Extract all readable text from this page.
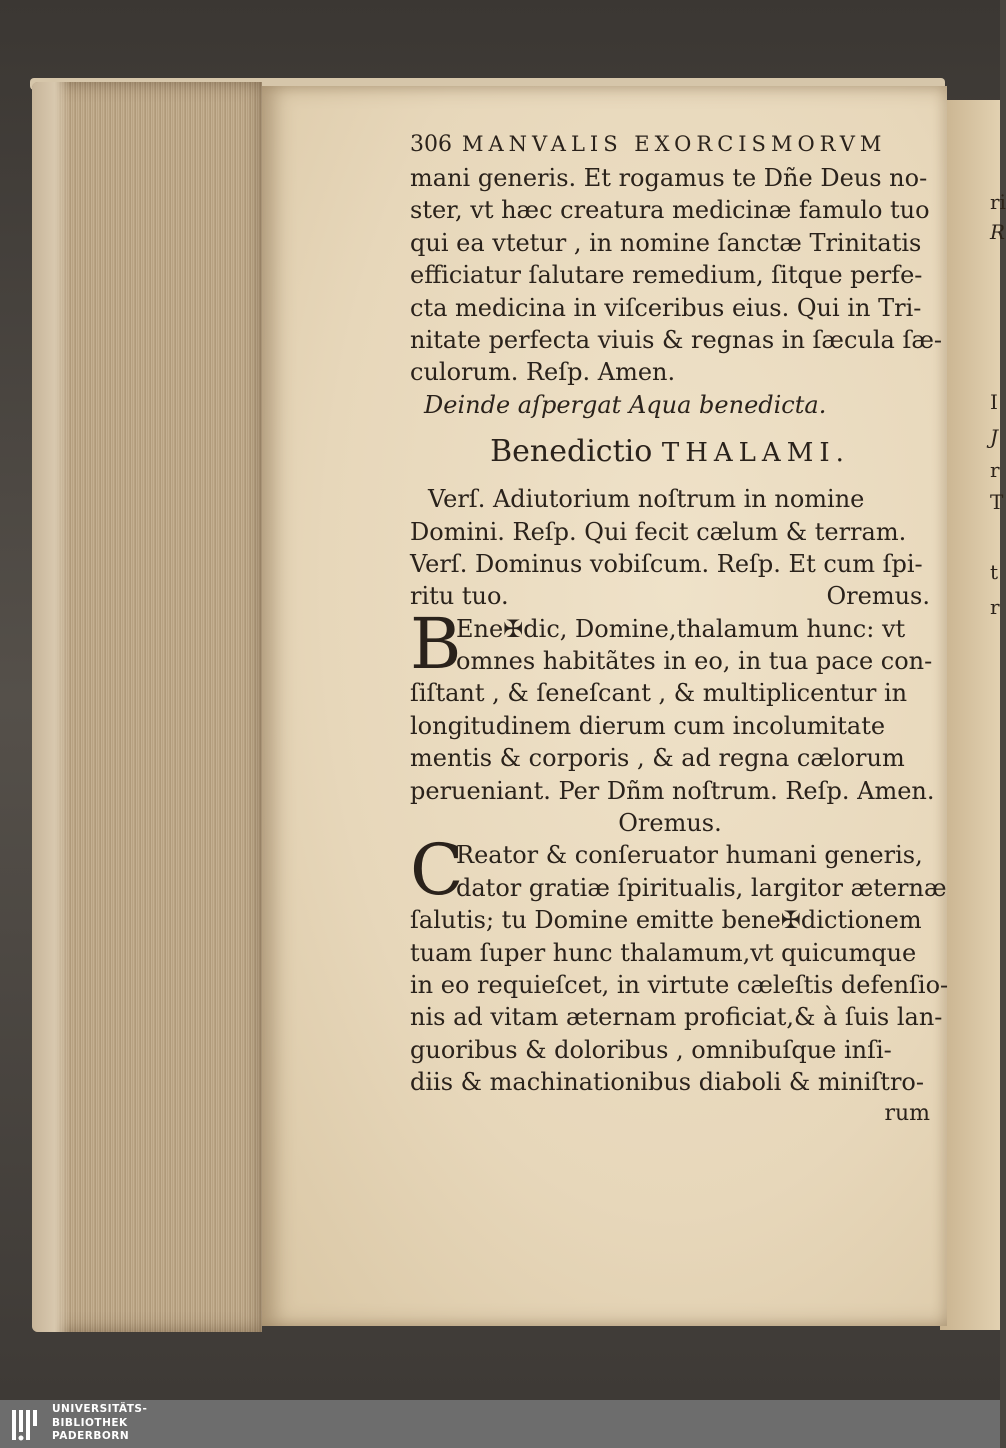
ri
R
I
J
r
T
t
r
306 MANVALIS EXORCISMORVM
mani generis. Et rogamus te Dñe Deus no-
ster, vt hæc creatura medicinæ famulo tuo
qui ea vtetur , in nomine ſanctæ Trinitatis
efficiatur ſalutare remedium, ſitque perfe-
cta medicina in viſceribus eius. Qui in Tri-
nitate perfecta viuis & regnas in ſæcula ſæ-
culorum. Reſp. Amen.
Deinde aſpergat Aqua benedicta.
Benedictio THALAMI.
Verſ. Adiutorium noſtrum in nomine
Domini. Reſp. Qui fecit cælum & terram.
Verſ. Dominus vobiſcum. Reſp. Et cum ſpi-
ritu tuo.	Oremus.
B
Ene✠dic, Domine,thalamum hunc: vt
omnes habitãtes in eo, in tua pace con-
ſiſtant , & ſeneſcant , & multiplicentur in
longitudinem dierum cum incolumitate
mentis & corporis , & ad regna cælorum
perueniant. Per Dñm noſtrum. Reſp. Amen.
Oremus.
C
Reator & conſeruator humani generis,
dator gratiæ ſpiritualis, largitor æternæ
ſalutis; tu Domine emitte bene✠dictionem
tuam ſuper hunc thalamum,vt quicumque
in eo requieſcet, in virtute cæleſtis defenſio-
nis ad vitam æternam proficiat,& à ſuis lan-
guoribus & doloribus , omnibuſque inſi-
diis & machinationibus diaboli & miniſtro-
rum
UNIVERSITÄTS-
BIBLIOTHEK
PADERBORN
